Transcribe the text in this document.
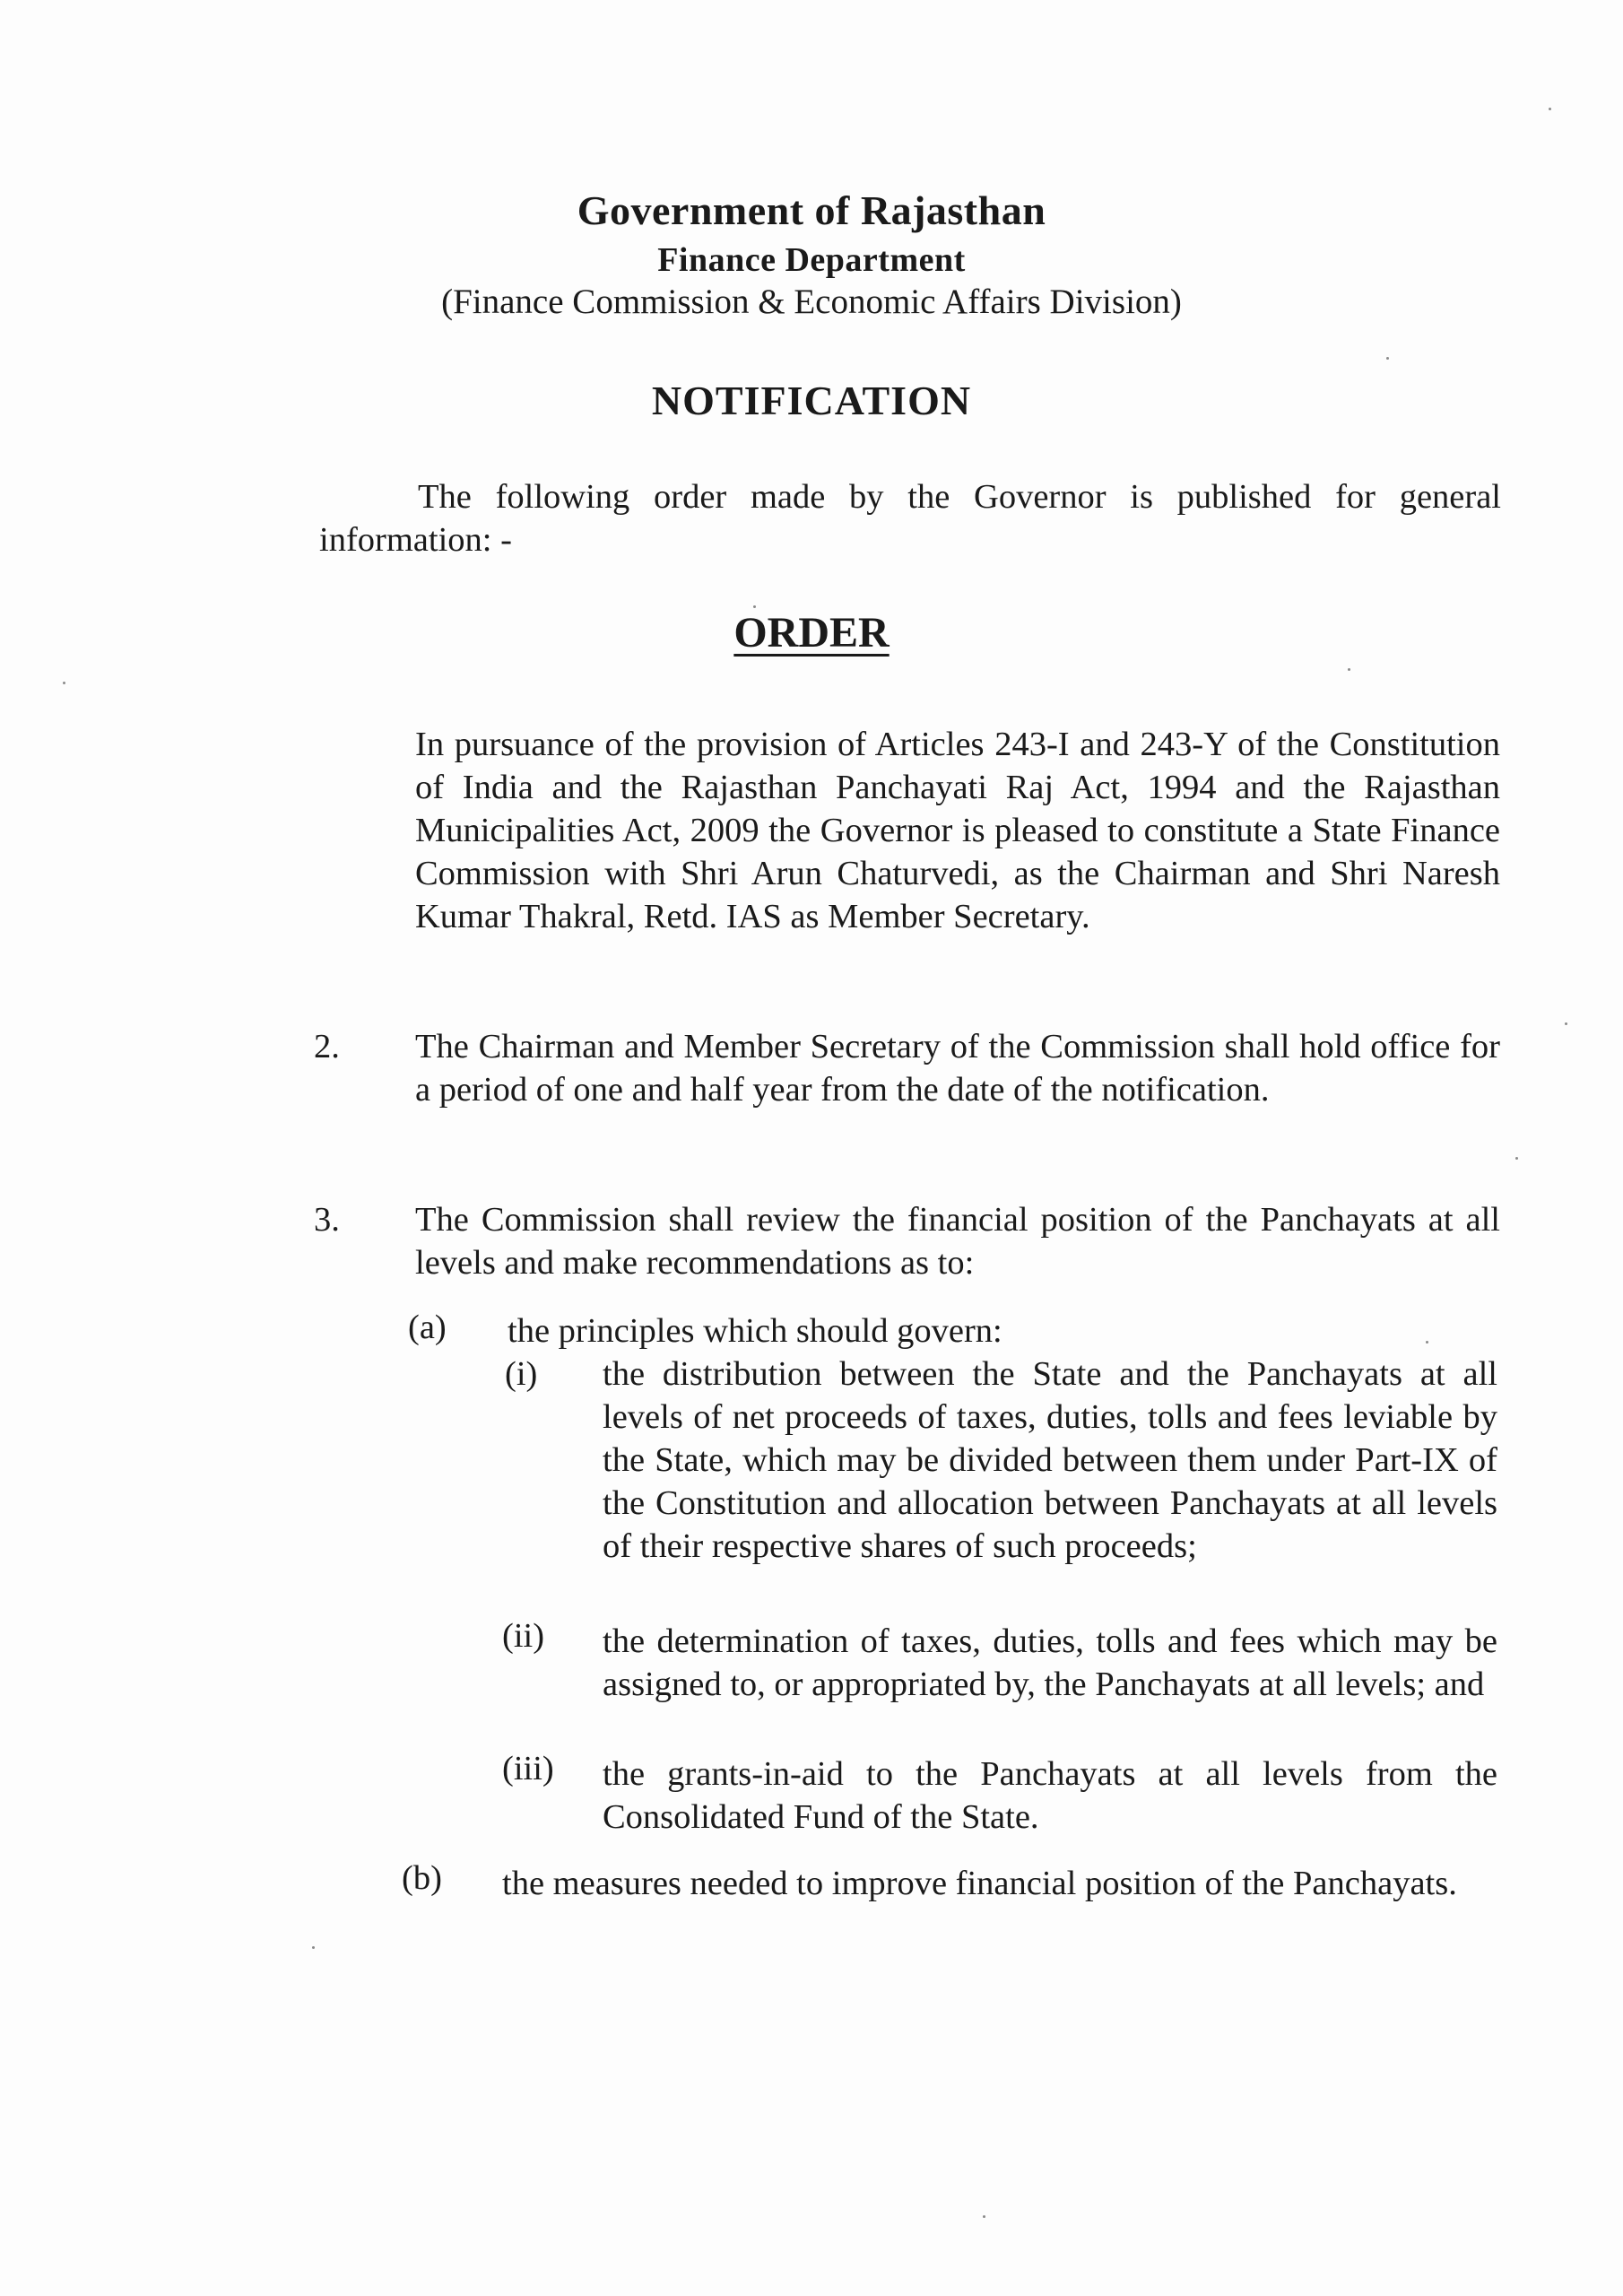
Government of Rajasthan
Finance Department
(Finance Commission & Economic Affairs Division)
NOTIFICATION
The following order made by the Governor is published for general information: -
ORDER
In pursuance of the provision of Articles 243-I and 243-Y of the Constitution of India and the Rajasthan Panchayati Raj Act, 1994 and the Rajasthan Municipalities Act, 2009 the Governor is pleased to constitute a State Finance Commission with Shri Arun Chaturvedi, as the Chairman and Shri Naresh Kumar Thakral, Retd. IAS as Member Secretary.
2. The Chairman and Member Secretary of the Commission shall hold office for a period of one and half year from the date of the notification.
3. The Commission shall review the financial position of the Panchayats at all levels and make recommendations as to:
(a) the principles which should govern:
(i) the distribution between the State and the Panchayats at all levels of net proceeds of taxes, duties, tolls and fees leviable by the State, which may be divided between them under Part-IX of the Constitution and allocation between Panchayats at all levels of their respective shares of such proceeds;
(ii) the determination of taxes, duties, tolls and fees which may be assigned to, or appropriated by, the Panchayats at all levels; and
(iii) the grants-in-aid to the Panchayats at all levels from the Consolidated Fund of the State.
(b) the measures needed to improve financial position of the Panchayats.
